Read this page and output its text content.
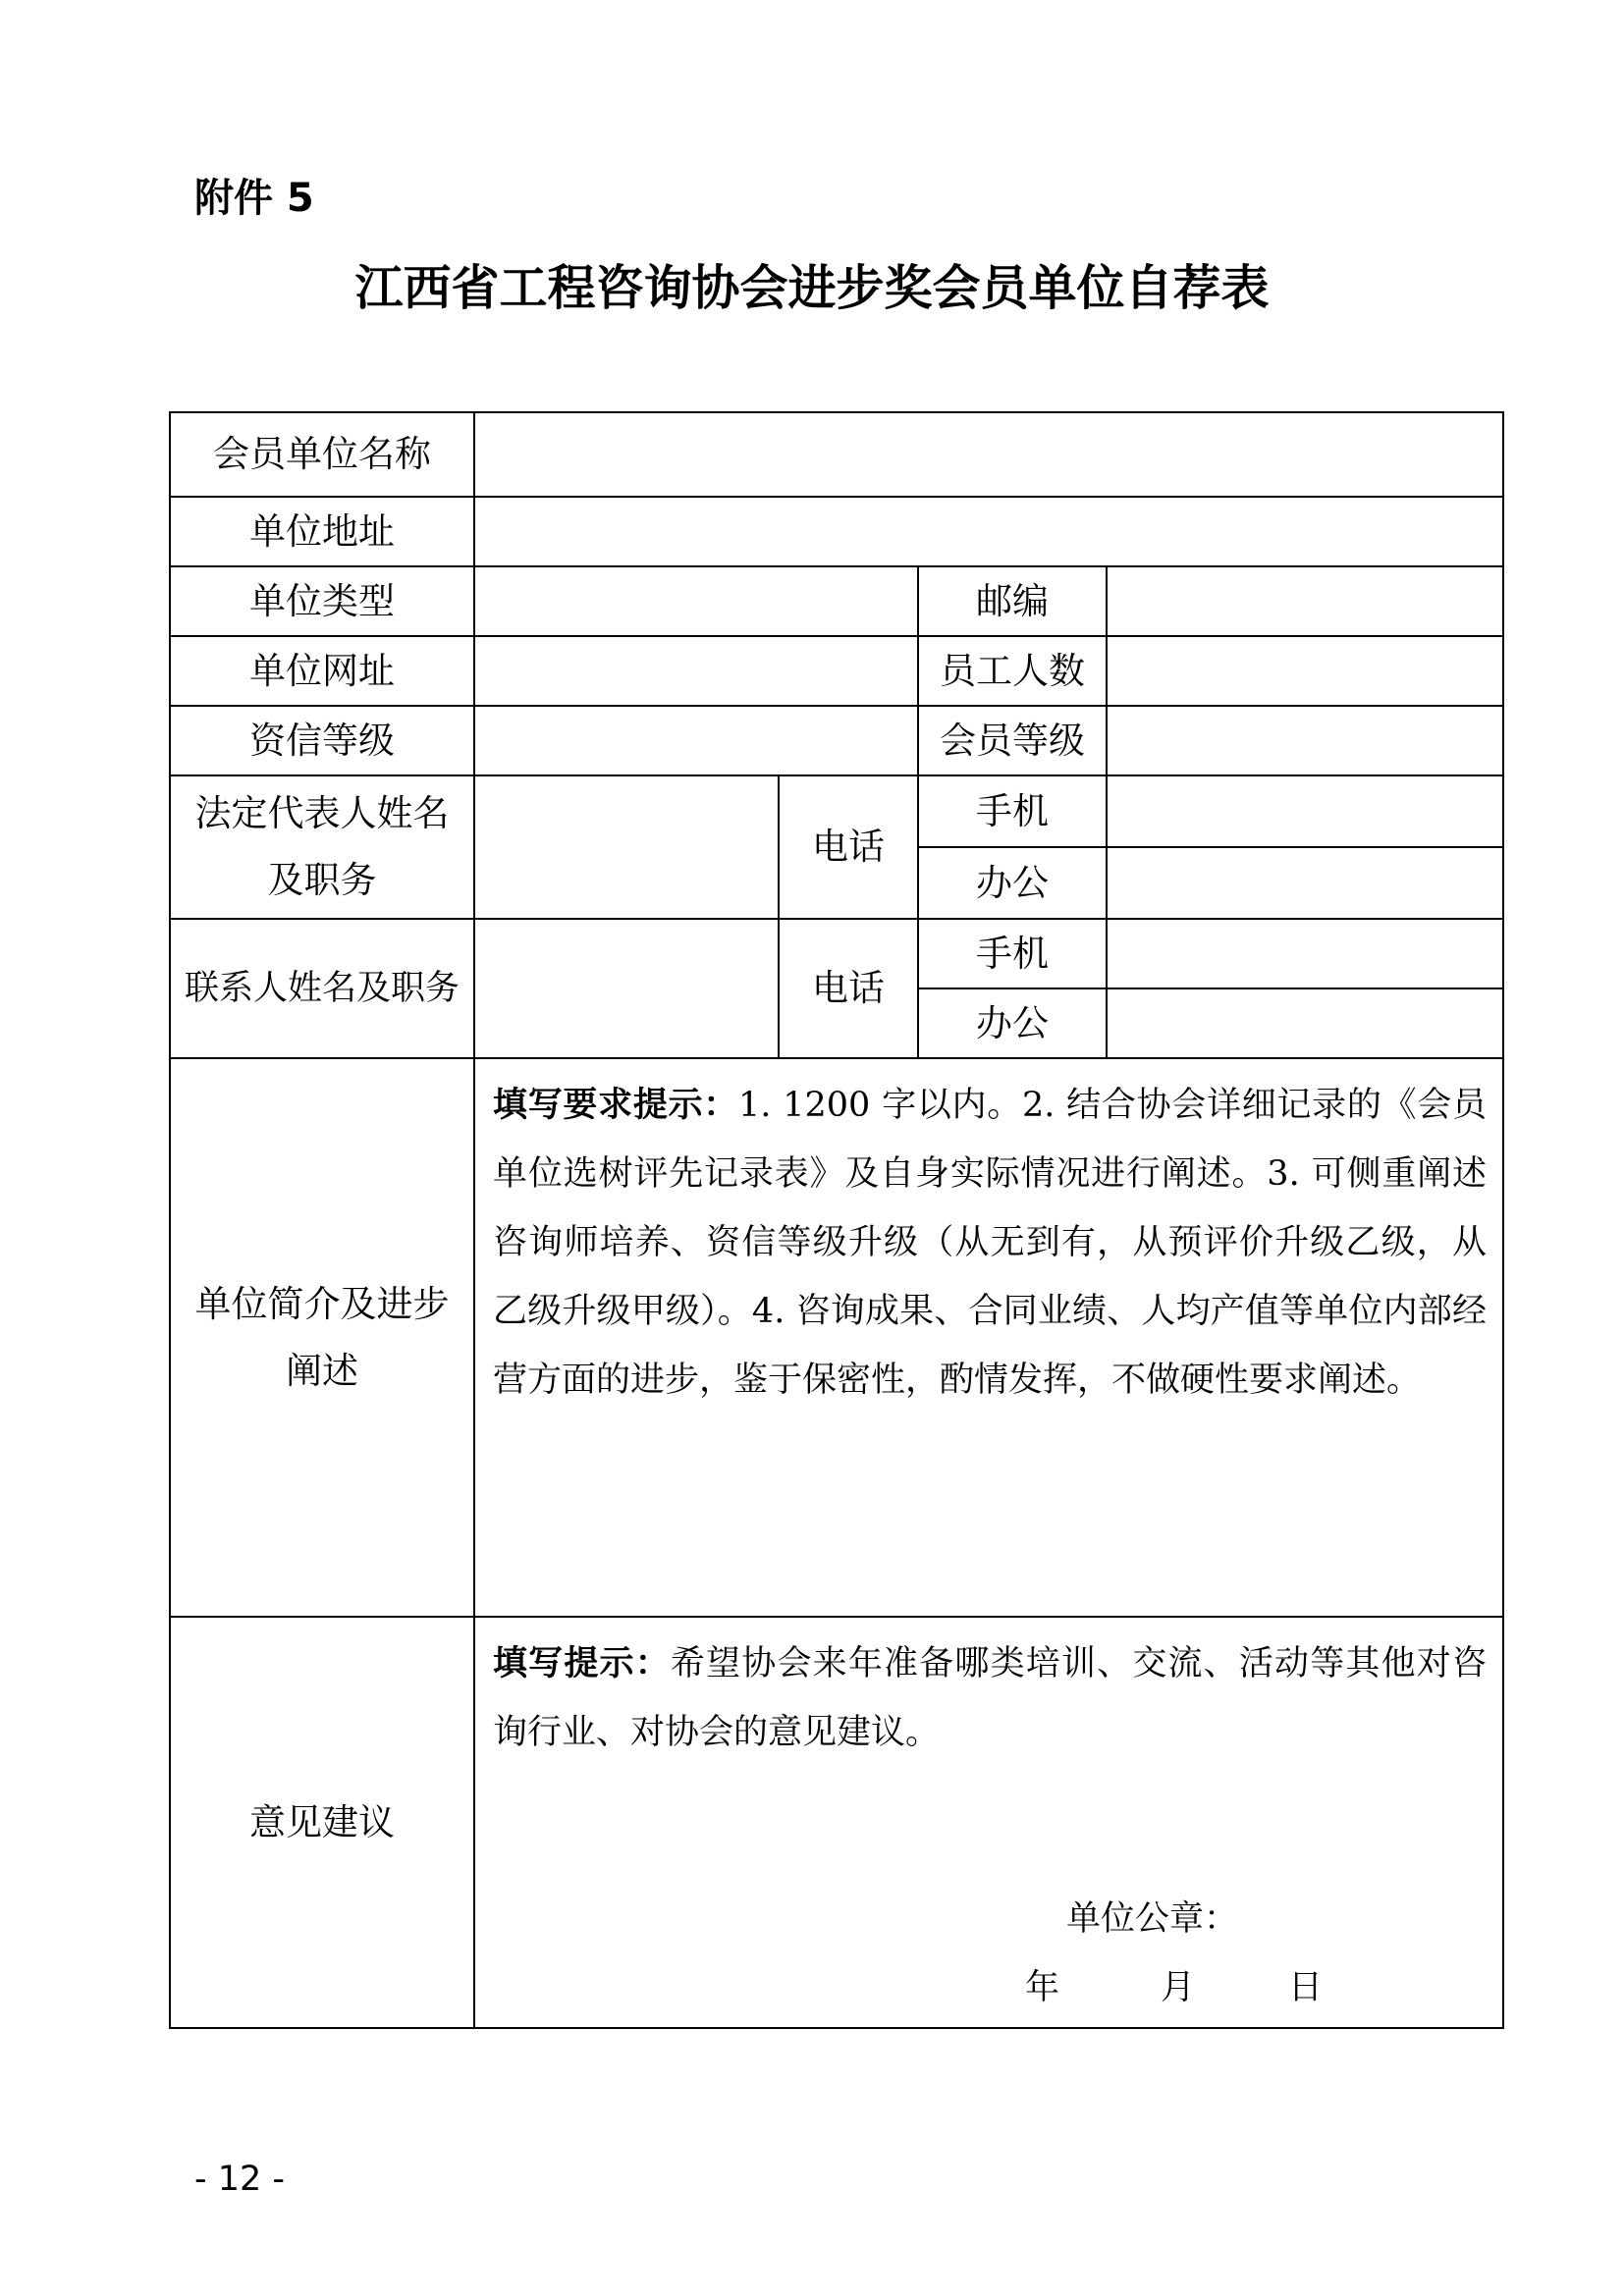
附件 5
江西省工程咨询协会进步奖会员单位自荐表
会员单位名称				
单位地址				
单位类型			邮编	
单位网址			员工人数	
资信等级			会员等级	

法定代表人姓名
及职务		电话	手机	
			办公	
联系人姓名及职务		电话	手机	
			办公	

单位简介及进步
阐述	填写要求提示：1. 1200 字以内。2. 结合协会详细记录的《会员单位选树评先记录表》及自身实际情况进行阐述。3. 可侧重阐述咨询师培养、资信等级升级（从无到有，从预评价升级乙级，从乙级升级甲级）。4. 咨询成果、合同业绩、人均产值等单位内部经营方面的进步，鉴于保密性，酌情发挥，不做硬性要求阐述。			
意见建议	填写提示：希望协会来年准备哪类培训、交流、活动等其他对咨询行业、对协会的意见建议。
单位公章：
年 月 日			
- 12 -
